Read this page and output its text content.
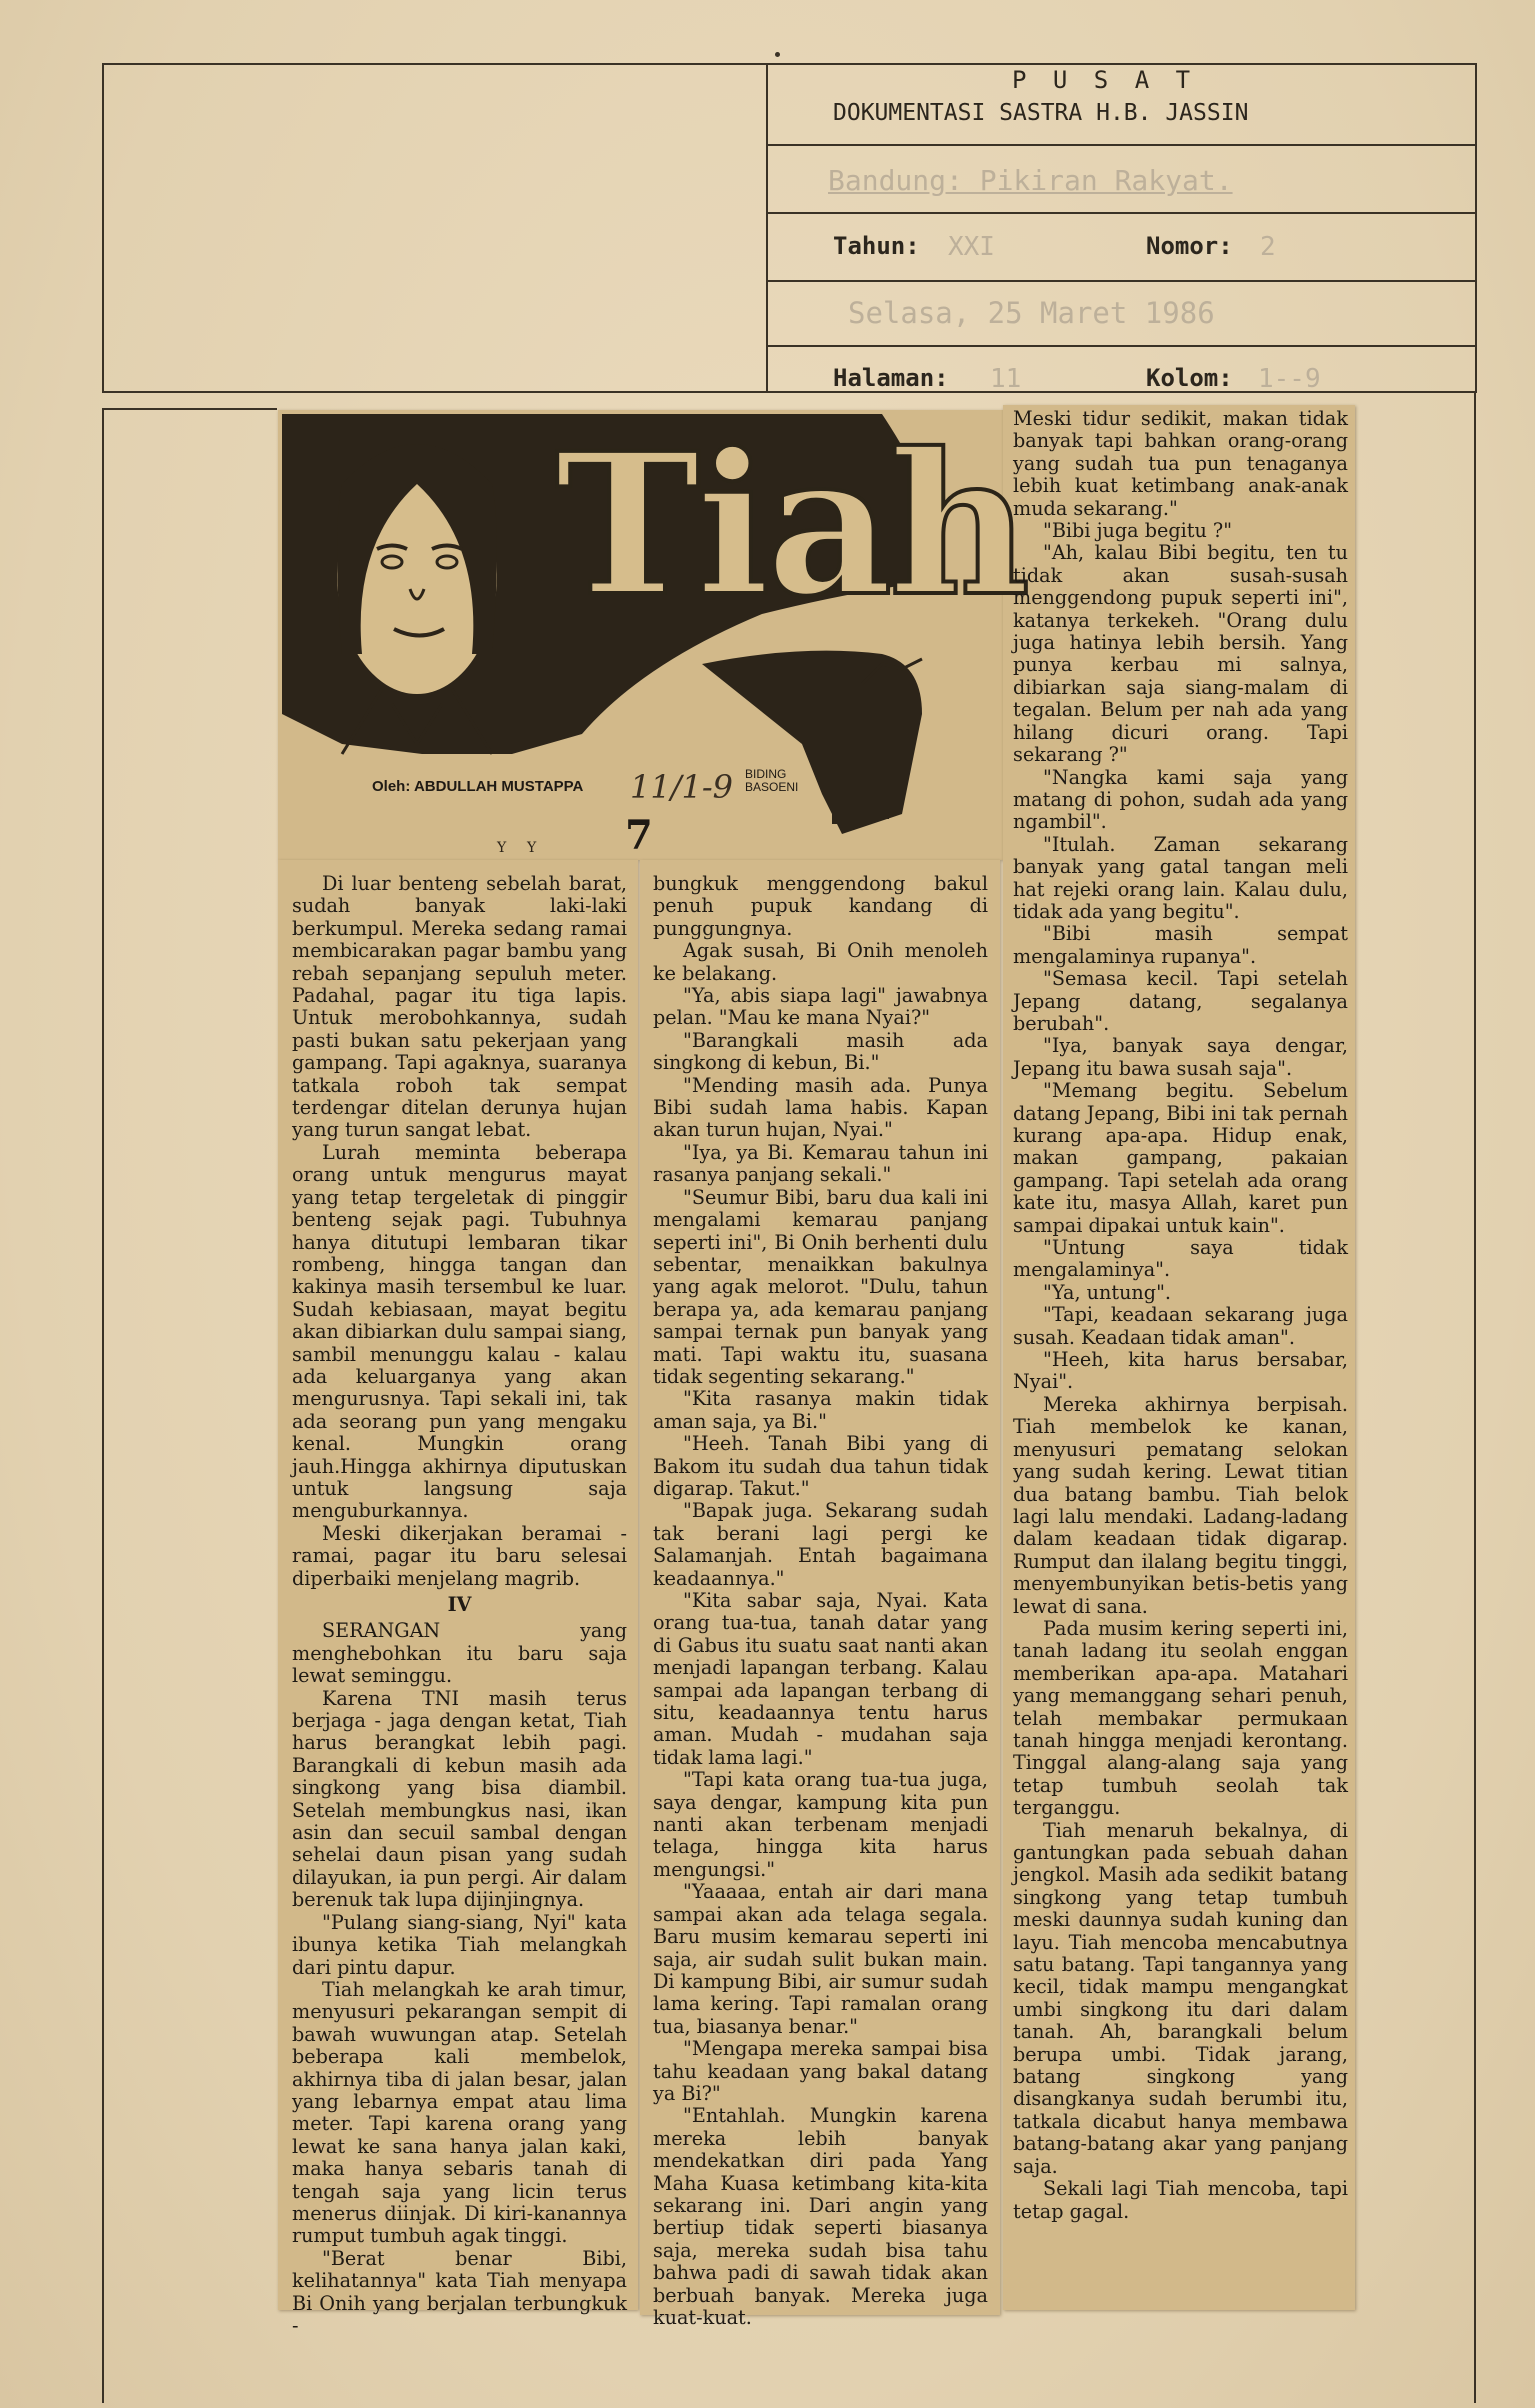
P U S A T
DOKUMENTASI SASTRA H.B. JASSIN
Bandung: Pikiran Rakyat.
Tahun: XXI	Nomor: 2
Selasa, 25 Maret 1986
Halaman: 11	Kolom: 1--9
Y Y
Tiah
Oleh: ABDULLAH MUSTAPPA 11/1-9 BIDING BASOENI
7

Di luar benteng sebelah barat, sudah banyak laki-laki berkumpul. Mereka sedang ramai membicarakan pagar bambu yang rebah sepanjang sepuluh meter. Padahal, pagar itu tiga lapis. Untuk merobohkannya, sudah pasti bukan satu pekerjaan yang gampang. Tapi agaknya, suaranya tatkala roboh tak sempat terdengar ditelan derunya hujan yang turun sangat lebat.

Lurah meminta beberapa orang untuk mengurus mayat yang tetap tergeletak di pinggir benteng sejak pagi. Tubuhnya hanya ditutupi lembaran tikar rombeng, hingga tangan dan kakinya masih tersembul ke luar. Sudah kebiasaan, mayat begitu akan dibiarkan dulu sampai siang, sambil menunggu kalau - kalau ada keluarganya yang akan mengurusnya. Tapi sekali ini, tak ada seorang pun yang mengaku kenal. Mungkin orang jauh.Hingga akhirnya diputuskan untuk langsung saja menguburkannya.

Meski dikerjakan beramai - ramai, pagar itu baru selesai diperbaiki menjelang magrib.

IV

SERANGAN yang menghebohkan itu baru saja lewat seminggu.

Karena TNI masih terus berjaga - jaga dengan ketat, Tiah harus berangkat lebih pagi. Barangkali di kebun masih ada singkong yang bisa diambil. Setelah membungkus nasi, ikan asin dan secuil sambal dengan sehelai daun pisan yang sudah dilayukan, ia pun pergi. Air dalam berenuk tak lupa dijinjingnya.

"Pulang siang-siang, Nyi" kata ibunya ketika Tiah melangkah dari pintu dapur.

Tiah melangkah ke arah timur, menyusuri pekarangan sempit di bawah wuwungan atap. Setelah beberapa kali membelok, akhirnya tiba di jalan besar, jalan yang lebarnya empat atau lima meter. Tapi karena orang yang lewat ke sana hanya jalan kaki, maka hanya sebaris tanah di tengah saja yang licin terus menerus diinjak. Di kiri-kanannya rumput tumbuh agak tinggi.

"Berat benar Bibi, kelihatannya" kata Tiah menyapa Bi Onih yang berjalan terbungkuk -

bungkuk menggendong bakul penuh pupuk kandang di punggungnya.

Agak susah, Bi Onih menoleh ke belakang.

"Ya, abis siapa lagi" jawabnya pelan. "Mau ke mana Nyai?"

"Barangkali masih ada singkong di kebun, Bi."

"Mending masih ada. Punya Bibi sudah lama habis. Kapan akan turun hujan, Nyai."

"Iya, ya Bi. Kemarau tahun ini rasanya panjang sekali."

"Seumur Bibi, baru dua kali ini mengalami kemarau panjang seperti ini", Bi Onih berhenti dulu sebentar, menaikkan bakulnya yang agak melorot. "Dulu, tahun berapa ya, ada kemarau panjang sampai ternak pun banyak yang mati. Tapi waktu itu, suasana tidak segenting sekarang."

"Kita rasanya makin tidak aman saja, ya Bi."

"Heeh. Tanah Bibi yang di Bakom itu sudah dua tahun tidak digarap. Takut."

"Bapak juga. Sekarang sudah tak berani lagi pergi ke Salamanjah. Entah bagaimana keadaannya."

"Kita sabar saja, Nyai. Kata orang tua-tua, tanah datar yang di Gabus itu suatu saat nanti akan menjadi lapangan terbang. Kalau sampai ada lapangan terbang di situ, keadaannya tentu harus aman. Mudah - mudahan saja tidak lama lagi."

"Tapi kata orang tua-tua juga, saya dengar, kampung kita pun nanti akan terbenam menjadi telaga, hingga kita harus mengungsi."

"Yaaaaa, entah air dari mana sampai akan ada telaga segala. Baru musim kemarau seperti ini saja, air sudah sulit bukan main. Di kampung Bibi, air sumur sudah lama kering. Tapi ramalan orang tua, biasanya benar."

"Mengapa mereka sampai bisa tahu keadaan yang bakal datang ya Bi?"

"Entahlah. Mungkin karena mereka lebih banyak mendekatkan diri pada Yang Maha Kuasa ketimbang kita-kita sekarang ini. Dari angin yang bertiup tidak seperti biasanya saja, mereka sudah bisa tahu bahwa padi di sawah tidak akan berbuah banyak. Mereka juga kuat-kuat.

Meski tidur sedikit, makan tidak banyak tapi bahkan orang-orang yang sudah tua pun tenaganya lebih kuat ketimbang anak-anak muda sekarang."

"Bibi juga begitu ?"

"Ah, kalau Bibi begitu, ten tu tidak akan susah-susah menggendong pupuk seperti ini", katanya terkekeh. "Orang dulu juga hatinya lebih bersih. Yang punya kerbau mi salnya, dibiarkan saja siang-malam di tegalan. Belum per nah ada yang hilang dicuri orang. Tapi sekarang ?"

"Nangka kami saja yang matang di pohon, sudah ada yang ngambil".

"Itulah. Zaman sekarang banyak yang gatal tangan meli hat rejeki orang lain. Kalau dulu, tidak ada yang begitu".

"Bibi masih sempat mengalaminya rupanya".

"Semasa kecil. Tapi setelah Jepang datang, segalanya berubah".

"Iya, banyak saya dengar, Jepang itu bawa susah saja".

"Memang begitu. Sebelum datang Jepang, Bibi ini tak pernah kurang apa-apa. Hidup enak, makan gampang, pakaian gampang. Tapi setelah ada orang kate itu, masya Allah, karet pun sampai dipakai untuk kain".

"Untung saya tidak mengalaminya".

"Ya, untung".

"Tapi, keadaan sekarang juga susah. Keadaan tidak aman".

"Heeh, kita harus bersabar, Nyai".

Mereka akhirnya berpisah. Tiah membelok ke kanan, menyusuri pematang selokan yang sudah kering. Lewat titian dua batang bambu. Tiah belok lagi lalu mendaki. Ladang-ladang dalam keadaan tidak digarap. Rumput dan ilalang begitu tinggi, menyembunyikan betis-betis yang lewat di sana.

Pada musim kering seperti ini, tanah ladang itu seolah enggan memberikan apa-apa. Matahari yang memanggang sehari penuh, telah membakar permukaan tanah hingga menjadi kerontang. Tinggal alang-alang saja yang tetap tumbuh seolah tak terganggu.

Tiah menaruh bekalnya, di gantungkan pada sebuah dahan jengkol. Masih ada sedikit batang singkong yang tetap tumbuh meski daunnya sudah kuning dan layu. Tiah mencoba mencabutnya satu batang. Tapi tangannya yang kecil, tidak mampu mengangkat umbi singkong itu dari dalam tanah. Ah, barangkali belum berupa umbi. Tidak jarang, batang singkong yang disangkanya sudah berumbi itu, tatkala dicabut hanya membawa batang-batang akar yang panjang saja.

Sekali lagi Tiah mencoba, tapi tetap gagal.
